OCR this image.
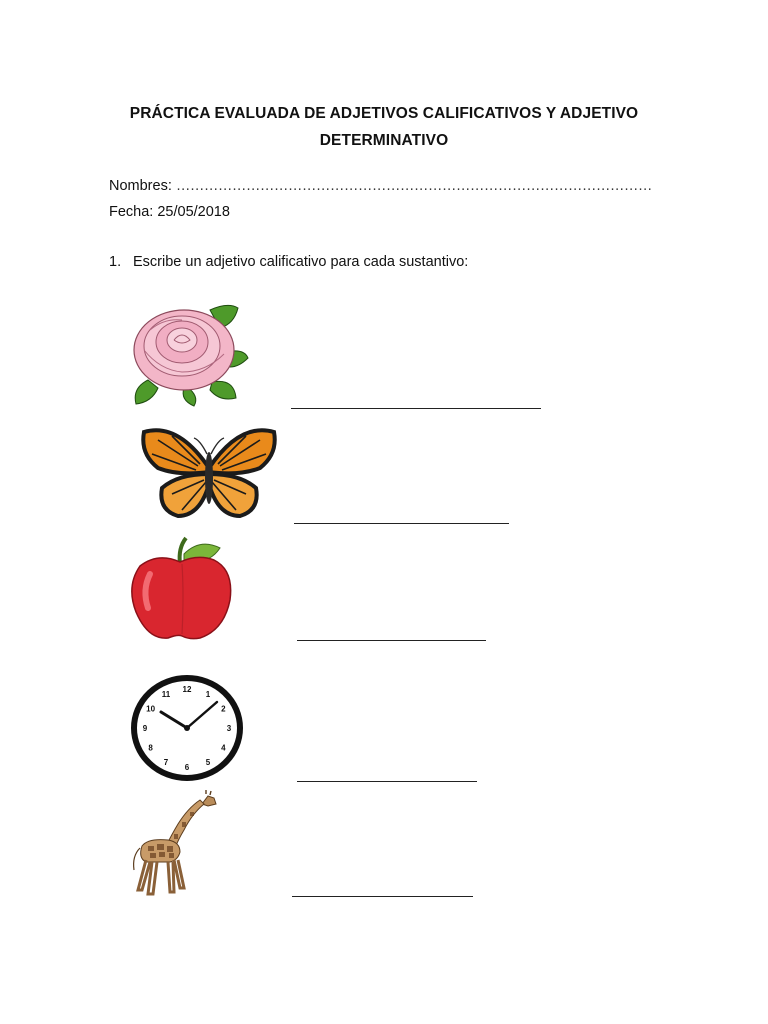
PRÁCTICA EVALUADA DE ADJETIVOS CALIFICATIVOS Y ADJETIVO
DETERMINATIVO
Nombres: …………………………………………………………………………………………
Fecha: 25/05/2018
1. Escribe un adjetivo calificativo para cada sustantivo:
12
1
2
3
4
5
6
7
8
9
10
11
